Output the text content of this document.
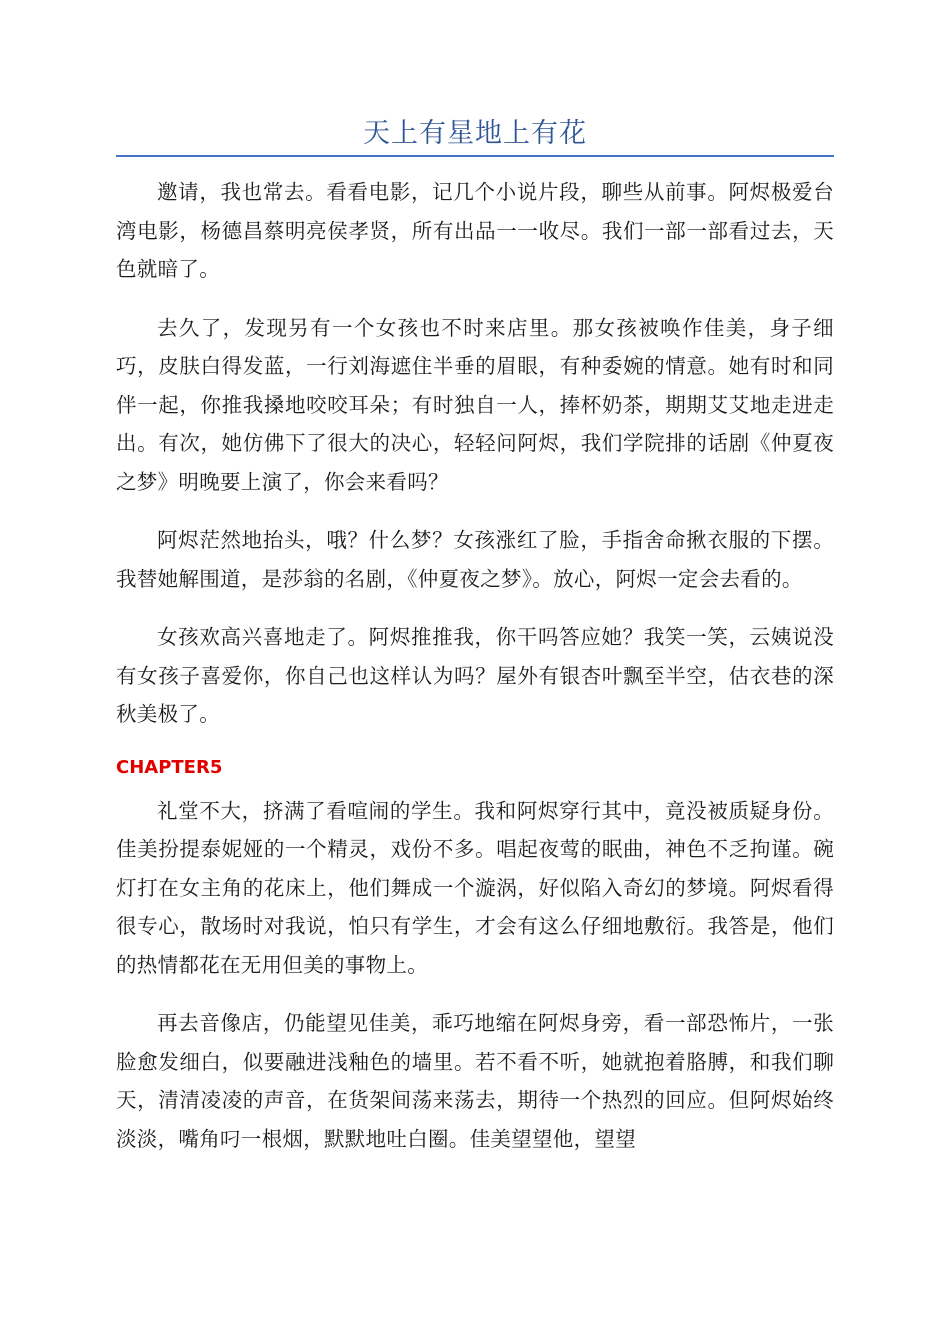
天上有星地上有花

邀请，我也常去。看看电影，记几个小说片段，聊些从前事。阿烬极爱台湾电影，杨德昌蔡明亮侯孝贤，所有出品一一收尽。我们一部一部看过去，天色就暗了。

去久了，发现另有一个女孩也不时来店里。那女孩被唤作佳美，身子细巧，皮肤白得发蓝，一行刘海遮住半垂的眉眼，有种委婉的情意。她有时和同伴一起，你推我搡地咬咬耳朵；有时独自一人，捧杯奶茶，期期艾艾地走进走出。有次，她仿佛下了很大的决心，轻轻问阿烬，我们学院排的话剧《仲夏夜之梦》明晚要上演了，你会来看吗？

阿烬茫然地抬头，哦？什么梦？女孩涨红了脸，手指舍命揪衣服的下摆。我替她解围道，是莎翁的名剧，《仲夏夜之梦》。放心，阿烬一定会去看的。

女孩欢高兴喜地走了。阿烬推推我，你干吗答应她？我笑一笑，云姨说没有女孩子喜爱你，你自己也这样认为吗？屋外有银杏叶飘至半空，估衣巷的深秋美极了。

CHAPTER5

礼堂不大，挤满了看喧闹的学生。我和阿烬穿行其中，竟没被质疑身份。佳美扮提泰妮娅的一个精灵，戏份不多。唱起夜莺的眠曲，神色不乏拘谨。碗灯打在女主角的花床上，他们舞成一个漩涡，好似陷入奇幻的梦境。阿烬看得很专心，散场时对我说，怕只有学生，才会有这么仔细地敷衍。我答是，他们的热情都花在无用但美的事物上。

再去音像店，仍能望见佳美，乖巧地缩在阿烬身旁，看一部恐怖片，一张脸愈发细白，似要融进浅釉色的墙里。若不看不听，她就抱着胳膊，和我们聊天，清清凌凌的声音，在货架间荡来荡去，期待一个热烈的回应。但阿烬始终淡淡，嘴角叼一根烟，默默地吐白圈。佳美望望他，望望
